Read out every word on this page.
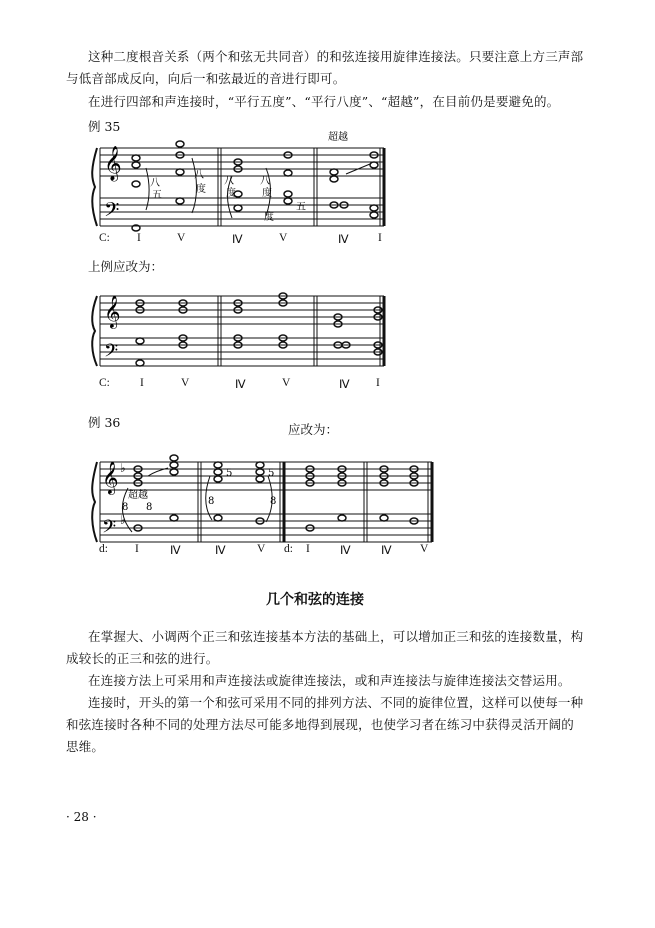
这种二度根音关系（两个和弦无共同音）的和弦连接用旋律连接法。只要注意上方三声部
与低音部成反向，向后一和弦最近的音进行即可。
在进行四部和声连接时，“平行五度”、“平行八度”、“超越”，在目前仍是要避免的。
例 35
𝄞
𝄢
八
五
八
度
八
度
八
度
度
五
超越
C: I	V	Ⅳ	V	Ⅳ	I
上例应改为：
𝄞
𝄢
C:	I	V	Ⅳ	V	Ⅳ I
例 36	应改为：
𝄞
𝄢
♭
♭
8
超越
8
5
8
5
8
d: I	Ⅳ	Ⅳ	V d: I	Ⅳ	Ⅳ V
几个和弦的连接
在掌握大、小调两个正三和弦连接基本方法的基础上，可以增加正三和弦的连接数量，构
成较长的正三和弦的进行。
在连接方法上可采用和声连接法或旋律连接法，或和声连接法与旋律连接法交替运用。
连接时，开头的第一个和弦可采用不同的排列方法、不同的旋律位置，这样可以使每一种
和弦连接时各种不同的处理方法尽可能多地得到展现，也使学习者在练习中获得灵活开阔的
思维。
· 28 ·
